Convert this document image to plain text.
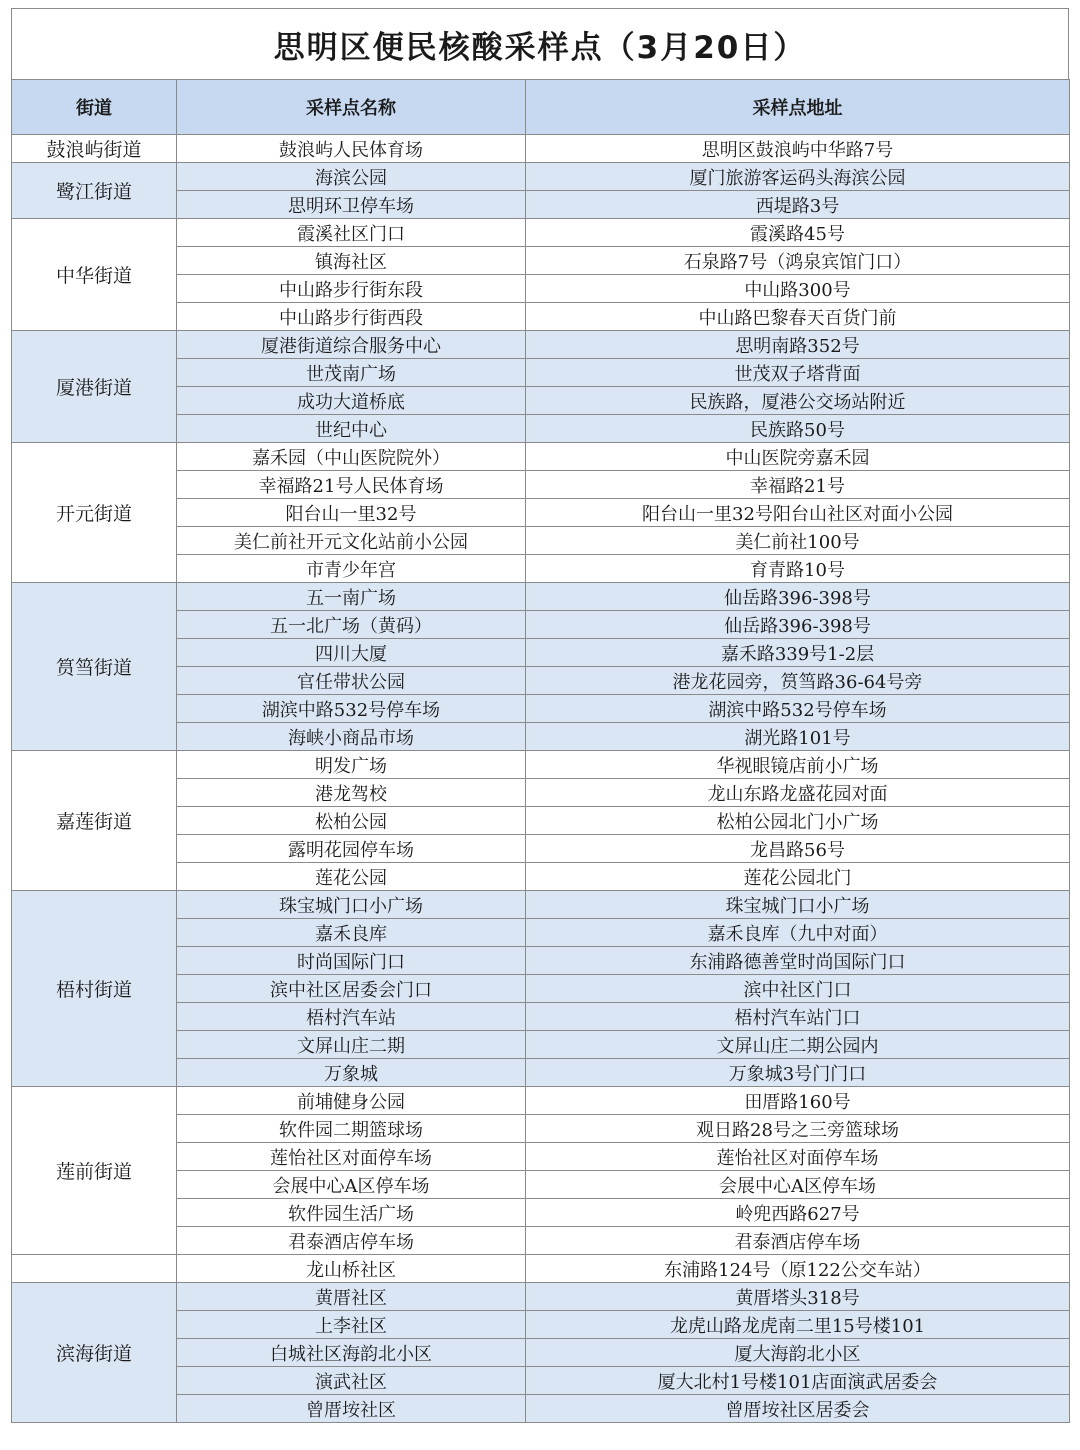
思明区便民核酸采样点（3月20日）
街道	采样点名称	采样点地址
鼓浪屿街道	鼓浪屿人民体育场	思明区鼓浪屿中华路7号
鹭江街道	海滨公园	厦门旅游客运码头海滨公园
	思明环卫停车场	西堤路3号
中华街道	霞溪社区门口	霞溪路45号
	镇海社区	石泉路7号（鸿泉宾馆门口）
	中山路步行街东段	中山路300号
	中山路步行街西段	中山路巴黎春天百货门前
厦港街道	厦港街道综合服务中心	思明南路352号
	世茂南广场	世茂双子塔背面
	成功大道桥底	民族路，厦港公交场站附近
	世纪中心	民族路50号
开元街道	嘉禾园（中山医院院外）	中山医院旁嘉禾园
	幸福路21号人民体育场	幸福路21号
	阳台山一里32号	阳台山一里32号阳台山社区对面小公园
	美仁前社开元文化站前小公园	美仁前社100号
	市青少年宫	育青路10号
筼筜街道	五一南广场	仙岳路396-398号
	五一北广场（黄码）	仙岳路396-398号
	四川大厦	嘉禾路339号1-2层
	官任带状公园	港龙花园旁，筼筜路36-64号旁
	湖滨中路532号停车场	湖滨中路532号停车场
	海峡小商品市场	湖光路101号
嘉莲街道	明发广场	华视眼镜店前小广场
	港龙驾校	龙山东路龙盛花园对面
	松柏公园	松柏公园北门小广场
	露明花园停车场	龙昌路56号
	莲花公园	莲花公园北门
梧村街道	珠宝城门口小广场	珠宝城门口小广场
	嘉禾良库	嘉禾良库（九中对面）
	时尚国际门口	东浦路德善堂时尚国际门口
	滨中社区居委会门口	滨中社区门口
	梧村汽车站	梧村汽车站门口
	文屏山庄二期	文屏山庄二期公园内
	万象城	万象城3号门门口
莲前街道	前埔健身公园	田厝路160号
	软件园二期篮球场	观日路28号之三旁篮球场
	莲怡社区对面停车场	莲怡社区对面停车场
	会展中心A区停车场	会展中心A区停车场
	软件园生活广场	岭兜西路627号
	君泰酒店停车场	君泰酒店停车场
	龙山桥社区	东浦路124号（原122公交车站）
滨海街道	黄厝社区	黄厝塔头318号
	上李社区	龙虎山路龙虎南二里15号楼101
	白城社区海韵北小区	厦大海韵北小区
	演武社区	厦大北村1号楼101店面演武居委会
	曾厝垵社区	曾厝垵社区居委会
